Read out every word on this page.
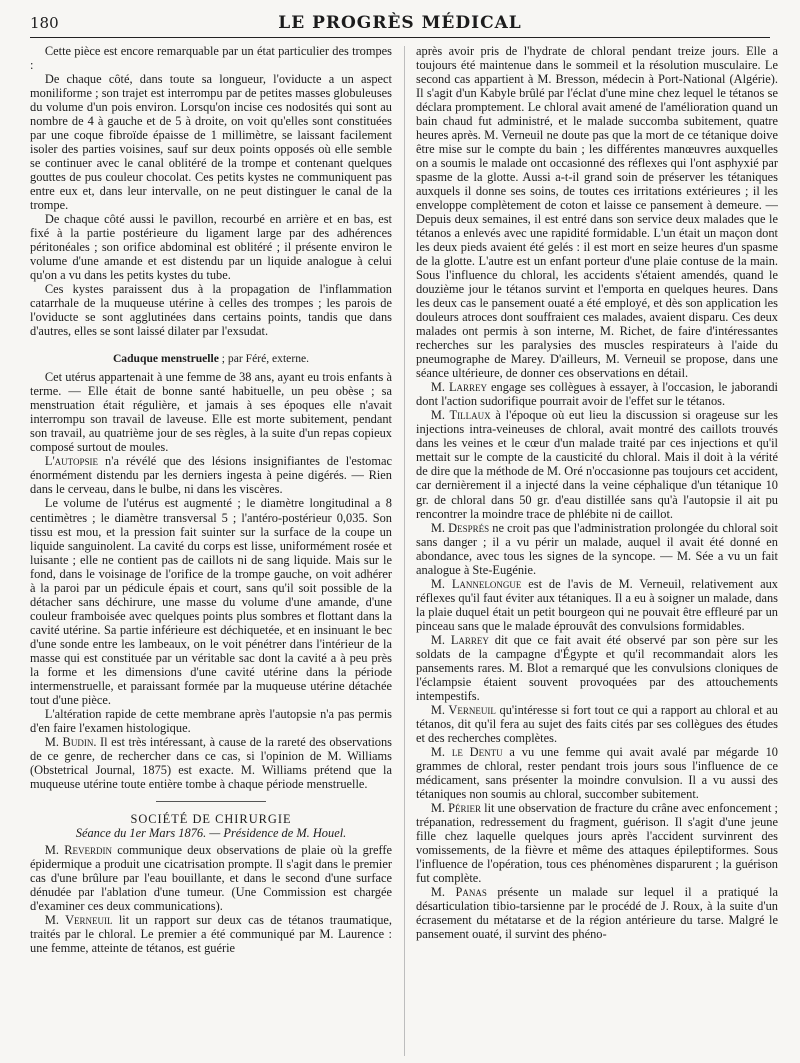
180	LE PROGRÈS MÉDICAL

Cette pièce est encore remarquable par un état particulier des trompes :

De chaque côté, dans toute sa longueur, l'oviducte a un aspect moniliforme ; son trajet est interrompu par de petites masses globuleuses du volume d'un pois environ. Lorsqu'on incise ces nodosités qui sont au nombre de 4 à gauche et de 5 à droite, on voit qu'elles sont constituées par une coque fibroïde épaisse de 1 millimètre, se laissant facilement isoler des parties voisines, sauf sur deux points opposés où elle semble se continuer avec le canal oblitéré de la trompe et contenant quelques gouttes de pus couleur chocolat. Ces petits kystes ne communiquent pas entre eux et, dans leur intervalle, on ne peut distinguer le canal de la trompe.

De chaque côté aussi le pavillon, recourbé en arrière et en bas, est fixé à la partie postérieure du ligament large par des adhérences péritonéales ; son orifice abdominal est oblitéré ; il présente environ le volume d'une amande et est distendu par un liquide analogue à celui qu'on a vu dans les petits kystes du tube.

Ces kystes paraissent dus à la propagation de l'inflammation catarrhale de la muqueuse utérine à celles des trompes ; les parois de l'oviducte se sont agglutinées dans certains points, tandis que dans d'autres, elles se sont laissé dilater par l'exsudat.

Caduque menstruelle ; par Féré, externe.

Cet utérus appartenait à une femme de 38 ans, ayant eu trois enfants à terme. — Elle était de bonne santé habituelle, un peu obèse ; sa menstruation était régulière, et jamais à ses époques elle n'avait interrompu son travail de laveuse. Elle est morte subitement, pendant son travail, au quatrième jour de ses règles, à la suite d'un repas copieux composé surtout de moules.

L'autopsie n'a révélé que des lésions insignifiantes de l'estomac énormément distendu par les derniers ingesta à peine digérés. — Rien dans le cerveau, dans le bulbe, ni dans les viscères.

Le volume de l'utérus est augmenté ; le diamètre longitudinal a 8 centimètres ; le diamètre transversal 5 ; l'antéro-postérieur 0,035. Son tissu est mou, et la pression fait suinter sur la surface de la coupe un liquide sanguinolent. La cavité du corps est lisse, uniformément rosée et luisante ; elle ne contient pas de caillots ni de sang liquide. Mais sur le fond, dans le voisinage de l'orifice de la trompe gauche, on voit adhérer à la paroi par un pédicule épais et court, sans qu'il soit possible de la détacher sans déchirure, une masse du volume d'une amande, d'une couleur framboisée avec quelques points plus sombres et flottant dans la cavité utérine. Sa partie inférieure est déchiquetée, et en insinuant le bec d'une sonde entre les lambeaux, on le voit pénétrer dans l'intérieur de la masse qui est constituée par un véritable sac dont la cavité a à peu près la forme et les dimensions d'une cavité utérine dans la période intermenstruelle, et paraissant formée par la muqueuse utérine détachée tout d'une pièce.

L'altération rapide de cette membrane après l'autopsie n'a pas permis d'en faire l'examen histologique.

M. Budin. Il est très intéressant, à cause de la rareté des observations de ce genre, de rechercher dans ce cas, si l'opinion de M. Williams (Obstetrical Journal, 1875) est exacte. M. Williams prétend que la muqueuse utérine toute entière tombe à chaque période menstruelle.

SOCIÉTÉ DE CHIRURGIE

Séance du 1er Mars 1876. — Présidence de M. Houel.

M. Reverdin communique deux observations de plaie où la greffe épidermique a produit une cicatrisation prompte. Il s'agit dans le premier cas d'une brûlure par l'eau bouillante, et dans le second d'une surface dénudée par l'ablation d'une tumeur. (Une Commission est chargée d'examiner ces deux communications).

M. Verneuil lit un rapport sur deux cas de tétanos traumatique, traités par le chloral. Le premier a été communiqué par M. Laurence : une femme, atteinte de tétanos, est guérie

après avoir pris de l'hydrate de chloral pendant treize jours. Elle a toujours été maintenue dans le sommeil et la résolution musculaire. Le second cas appartient à M. Bresson, médecin à Port-National (Algérie). Il s'agit d'un Kabyle brûlé par l'éclat d'une mine chez lequel le tétanos se déclara promptement. Le chloral avait amené de l'amélioration quand un bain chaud fut administré, et le malade succomba subitement, quatre heures après. M. Verneuil ne doute pas que la mort de ce tétanique doive être mise sur le compte du bain ; les différentes manœuvres auxquelles on a soumis le malade ont occasionné des réflexes qui l'ont asphyxié par spasme de la glotte. Aussi a-t-il grand soin de préserver les tétaniques auxquels il donne ses soins, de toutes ces irritations extérieures ; il les enveloppe complètement de coton et laisse ce pansement à demeure. — Depuis deux semaines, il est entré dans son service deux malades que le tétanos a enlevés avec une rapidité formidable. L'un était un maçon dont les deux pieds avaient été gelés : il est mort en seize heures d'un spasme de la glotte. L'autre est un enfant porteur d'une plaie contuse de la main. Sous l'influence du chloral, les accidents s'étaient amendés, quand le douzième jour le tétanos survint et l'emporta en quelques heures. Dans les deux cas le pansement ouaté a été employé, et dès son application les douleurs atroces dont souffraient ces malades, avaient disparu. Ces deux malades ont permis à son interne, M. Richet, de faire d'intéressantes recherches sur les paralysies des muscles respirateurs à l'aide du pneumographe de Marey. D'ailleurs, M. Verneuil se propose, dans une séance ultérieure, de donner ces observations en détail.

M. Larrey engage ses collègues à essayer, à l'occasion, le jaborandi dont l'action sudorifique pourrait avoir de l'effet sur le tétanos.

M. Tillaux à l'époque où eut lieu la discussion si orageuse sur les injections intra-veineuses de chloral, avait montré des caillots trouvés dans les veines et le cœur d'un malade traité par ces injections et qu'il mettait sur le compte de la causticité du chloral. Mais il doit à la vérité de dire que la méthode de M. Oré n'occasionne pas toujours cet accident, car dernièrement il a injecté dans la veine céphalique d'un tétanique 10 gr. de chloral dans 50 gr. d'eau distillée sans qu'à l'autopsie il ait pu rencontrer la moindre trace de phlébite ni de caillot.

M. Després ne croit pas que l'administration prolongée du chloral soit sans danger ; il a vu périr un malade, auquel il avait été donné en abondance, avec tous les signes de la syncope. — M. Sée a vu un fait analogue à Ste-Eugénie.

M. Lannelongue est de l'avis de M. Verneuil, relativement aux réflexes qu'il faut éviter aux tétaniques. Il a eu à soigner un malade, dans la plaie duquel était un petit bourgeon qui ne pouvait être effleuré par un pinceau sans que le malade éprouvât des convulsions formidables.

M. Larrey dit que ce fait avait été observé par son père sur les soldats de la campagne d'Égypte et qu'il recommandait alors les pansements rares. M. Blot a remarqué que les convulsions cloniques de l'éclampsie étaient souvent provoquées par des attouchements intempestifs.

M. Verneuil qu'intéresse si fort tout ce qui a rapport au chloral et au tétanos, dit qu'il fera au sujet des faits cités par ses collègues des études et des recherches complètes.

M. le Dentu a vu une femme qui avait avalé par mégarde 10 grammes de chloral, rester pendant trois jours sous l'influence de ce médicament, sans présenter la moindre convulsion. Il a vu aussi des tétaniques non soumis au chloral, succomber subitement.

M. Périer lit une observation de fracture du crâne avec enfoncement ; trépanation, redressement du fragment, guérison. Il s'agit d'une jeune fille chez laquelle quelques jours après l'accident survinrent des vomissements, de la fièvre et même des attaques épileptiformes. Sous l'influence de l'opération, tous ces phénomènes disparurent ; la guérison fut complète.

M. Panas présente un malade sur lequel il a pratiqué la désarticulation tibio-tarsienne par le procédé de J. Roux, à la suite d'un écrasement du métatarse et de la région antérieure du tarse. Malgré le pansement ouaté, il survint des phéno-
